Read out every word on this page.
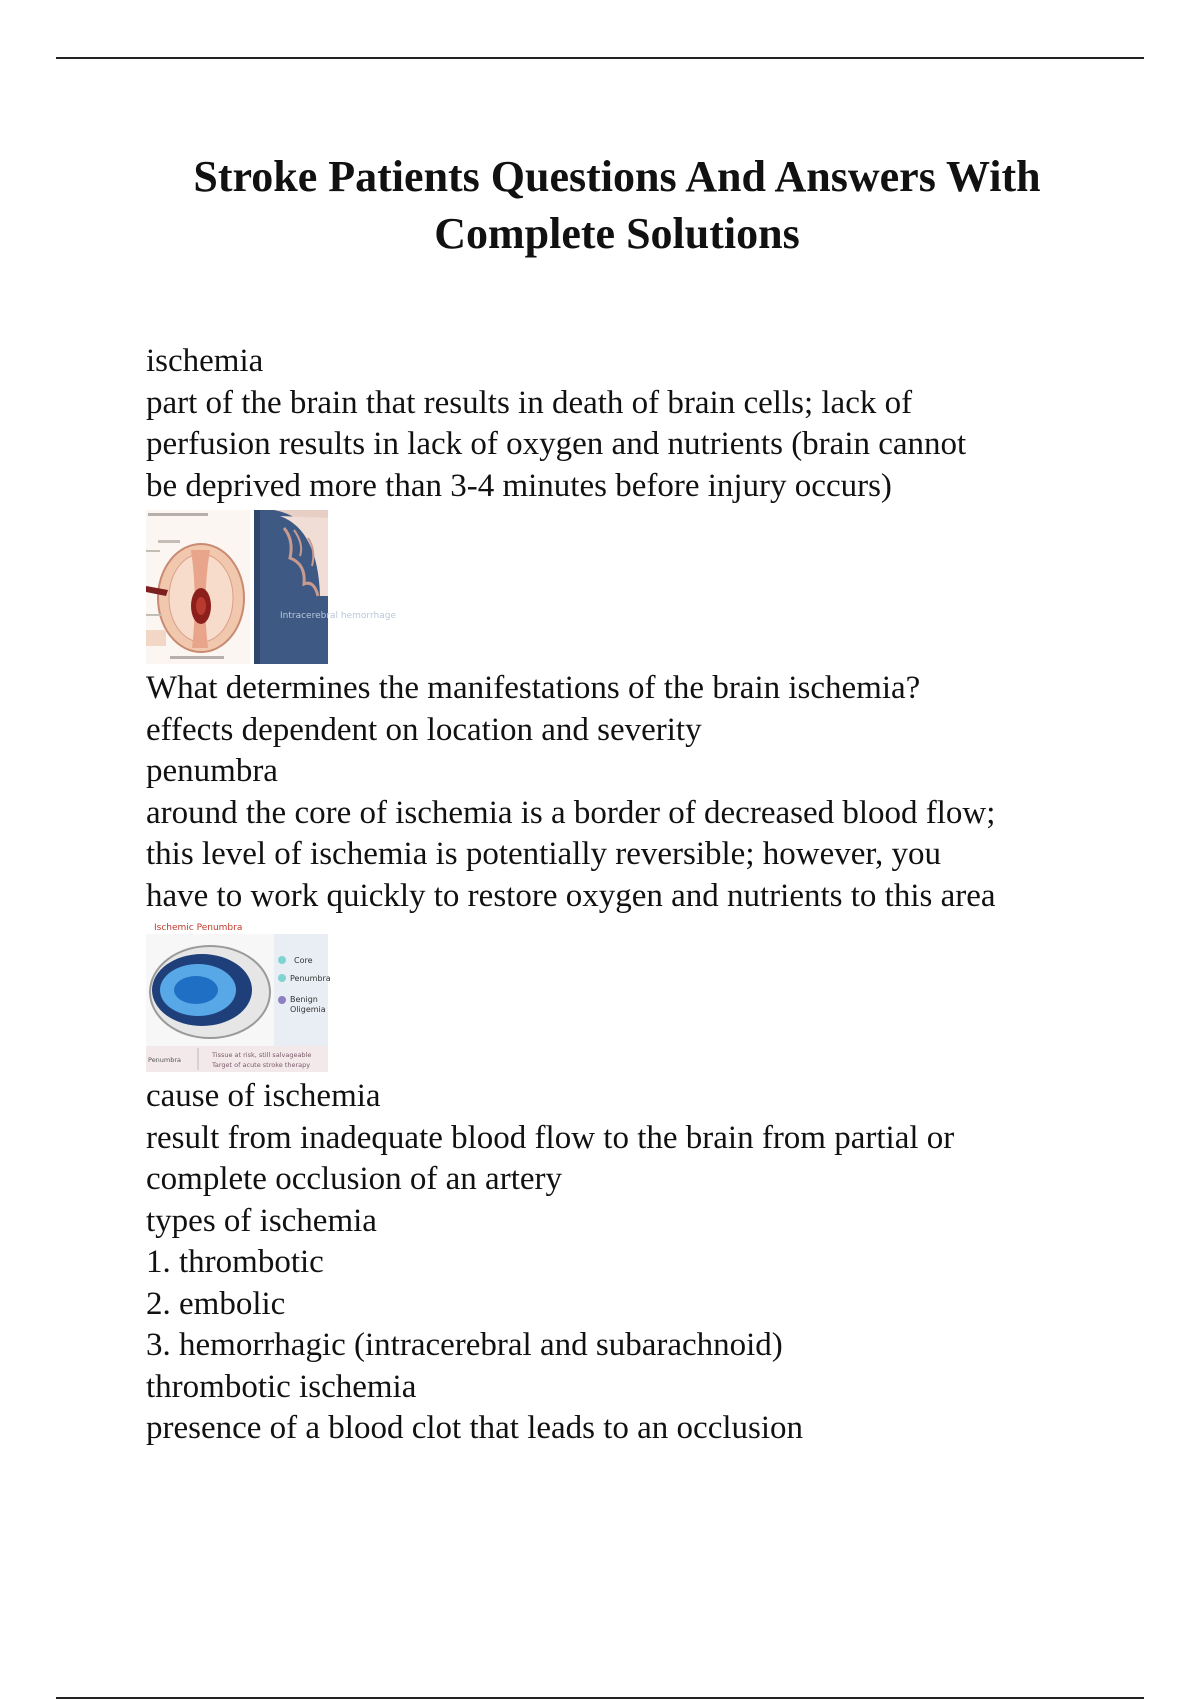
Stroke Patients Questions And Answers With
Complete Solutions
ischemia
part of the brain that results in death of brain cells; lack of
perfusion results in lack of oxygen and nutrients (brain cannot
be deprived more than 3-4 minutes before injury occurs)
Intracerebral hemorrhage
What determines the manifestations of the brain ischemia?
effects dependent on location and severity
penumbra
around the core of ischemia is a border of decreased blood flow;
this level of ischemia is potentially reversible; however, you
have to work quickly to restore oxygen and nutrients to this area
Ischemic Penumbra
Core
Penumbra
Benign
Oligemia
Penumbra
Tissue at risk, still salvageable
Target of acute stroke therapy
cause of ischemia
result from inadequate blood flow to the brain from partial or
complete occlusion of an artery
types of ischemia
1. thrombotic
2. embolic
3. hemorrhagic (intracerebral and subarachnoid)
thrombotic ischemia
presence of a blood clot that leads to an occlusion
